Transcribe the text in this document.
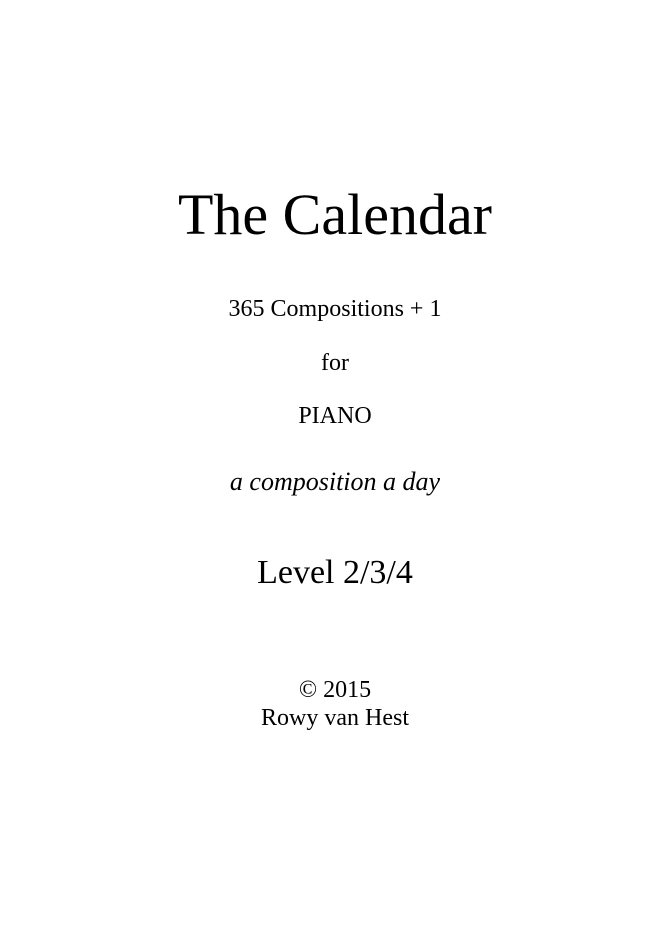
The Calendar
365 Compositions + 1
for
PIANO
a composition a day
Level 2/3/4
© 2015
Rowy van Hest
